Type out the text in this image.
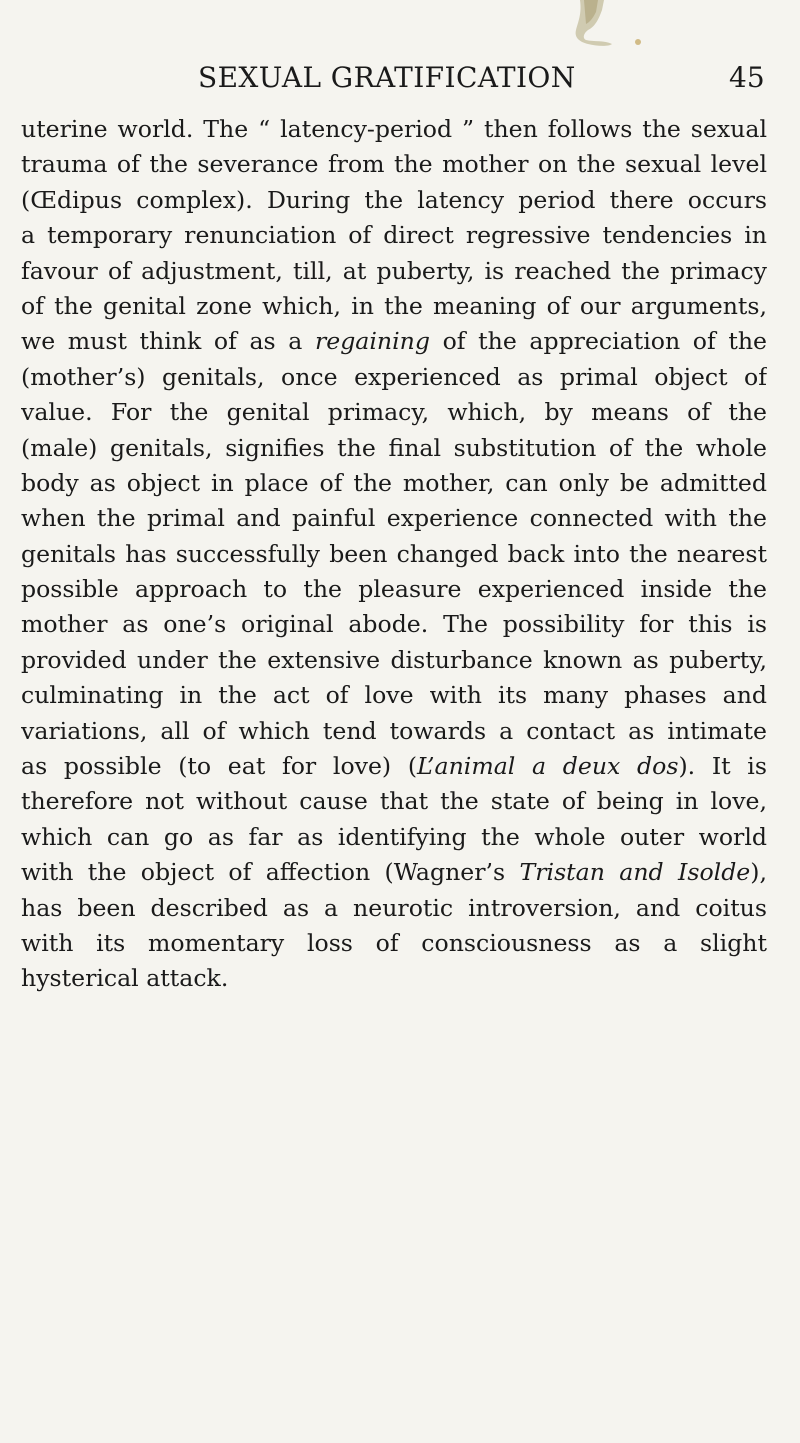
SEXUAL GRATIFICATION	45
uterine world. The “ latency-period ” then follows the sexual
trauma of the severance from the mother on the sexual level
(Œdipus complex). During the latency period there occurs
a temporary renunciation of direct regressive tendencies in
favour of adjustment, till, at puberty, is reached the primacy
of the genital zone which, in the meaning of our arguments,
we must think of as a regaining of the appreciation of the
(mother’s) genitals, once experienced as primal object of
value. For the genital primacy, which, by means of the
(male) genitals, signifies the final substitution of the whole
body as object in place of the mother, can only be admitted
when the primal and painful experience connected with the
genitals has successfully been changed back into the nearest
possible approach to the pleasure experienced inside the
mother as one’s original abode. The possibility for this is
provided under the extensive disturbance known as puberty,
culminating in the act of love with its many phases and
variations, all of which tend towards a contact as intimate
as possible (to eat for love) (L’animal a deux dos). It is
therefore not without cause that the state of being in love,
which can go as far as identifying the whole outer world
with the object of affection (Wagner’s Tristan and Isolde),
has been described as a neurotic introversion, and coitus
with its momentary loss of consciousness as a slight
hysterical attack.
